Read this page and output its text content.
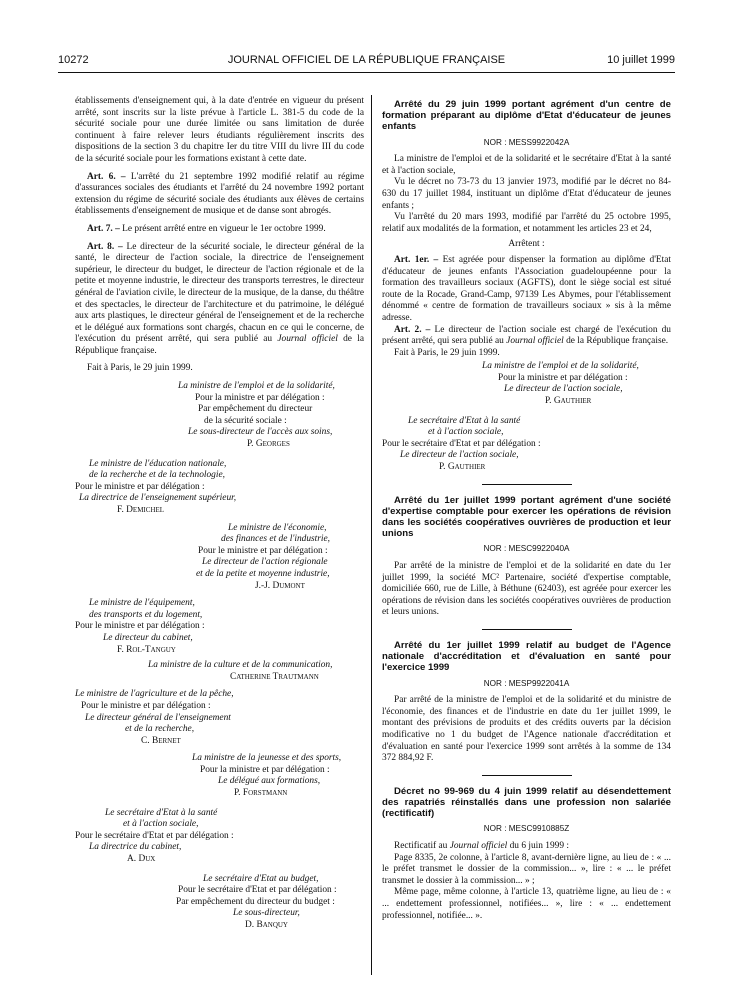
10272	JOURNAL OFFICIEL DE LA RÉPUBLIQUE FRANÇAISE	10 juillet 1999

établissements d'enseignement qui, à la date d'entrée en vigueur du présent arrêté, sont inscrits sur la liste prévue à l'article L. 381-5 du code de la sécurité sociale pour une durée limitée ou sans limitation de durée continuent à faire relever leurs étudiants régulièrement inscrits des dispositions de la section 3 du chapitre Ier du titre VIII du livre III du code de la sécurité sociale pour les formations existant à cette date.

Art. 6. – L'arrêté du 21 septembre 1992 modifié relatif au régime d'assurances sociales des étudiants et l'arrêté du 24 novembre 1992 portant extension du régime de sécurité sociale des étudiants aux élèves de certains établissements d'enseignement de musique et de danse sont abrogés.

Art. 7. – Le présent arrêté entre en vigueur le 1er octobre 1999.

Art. 8. – Le directeur de la sécurité sociale, le directeur général de la santé, le directeur de l'action sociale, la directrice de l'enseignement supérieur, le directeur du budget, le directeur de l'action régionale et de la petite et moyenne industrie, le directeur des transports terrestres, le directeur général de l'aviation civile, le directeur de la musique, de la danse, du théâtre et des spectacles, le directeur de l'architecture et du patrimoine, le délégué aux arts plastiques, le directeur général de l'enseignement et de la recherche et le délégué aux formations sont chargés, chacun en ce qui le concerne, de l'exécution du présent arrêté, qui sera publié au Journal officiel de la République française.

Fait à Paris, le 29 juin 1999.

La ministre de l'emploi et de la solidarité,
Pour la ministre et par délégation :
Par empêchement du directeur
de la sécurité sociale :
Le sous-directeur de l'accès aux soins,
P. Georges
Le ministre de l'éducation nationale,
de la recherche et de la technologie,
Pour le ministre et par délégation :
La directrice de l'enseignement supérieur,
F. Demichel
Le ministre de l'économie,
des finances et de l'industrie,
Pour le ministre et par délégation :
Le directeur de l'action régionale
et de la petite et moyenne industrie,
J.-J. Dumont
Le ministre de l'équipement,
des transports et du logement,
Pour le ministre et par délégation :
Le directeur du cabinet,
F. Rol-Tanguy
La ministre de la culture et de la communication,
Catherine Trautmann
Le ministre de l'agriculture et de la pêche,
Pour le ministre et par délégation :
Le directeur général de l'enseignement
et de la recherche,
C. Bernet
La ministre de la jeunesse et des sports,
Pour la ministre et par délégation :
Le délégué aux formations,
P. Forstmann
Le secrétaire d'Etat à la santé
et à l'action sociale,
Pour le secrétaire d'Etat et par délégation :
La directrice du cabinet,
A. Dux
Le secrétaire d'Etat au budget,
Pour le secrétaire d'Etat et par délégation :
Par empêchement du directeur du budget :
Le sous-directeur,
D. Banquy

Arrêté du 29 juin 1999 portant agrément d'un centre de formation préparant au diplôme d'Etat d'éducateur de jeunes enfants

NOR : MESS9922042A

La ministre de l'emploi et de la solidarité et le secrétaire d'Etat à la santé et à l'action sociale,

Vu le décret no 73-73 du 13 janvier 1973, modifié par le décret no 84-630 du 17 juillet 1984, instituant un diplôme d'Etat d'éducateur de jeunes enfants ;

Vu l'arrêté du 20 mars 1993, modifié par l'arrêté du 25 octobre 1995, relatif aux modalités de la formation, et notamment les articles 23 et 24,

Arrêtent :

Art. 1er. – Est agréée pour dispenser la formation au diplôme d'Etat d'éducateur de jeunes enfants l'Association guadeloupéenne pour la formation des travailleurs sociaux (AGFTS), dont le siège social est situé route de la Rocade, Grand-Camp, 97139 Les Abymes, pour l'établissement dénommé « centre de formation de travailleurs sociaux » sis à la même adresse.

Art. 2. – Le directeur de l'action sociale est chargé de l'exécution du présent arrêté, qui sera publié au Journal officiel de la République française.

Fait à Paris, le 29 juin 1999.

La ministre de l'emploi et de la solidarité,
Pour la ministre et par délégation :
Le directeur de l'action sociale,
P. Gauthier
Le secrétaire d'Etat à la santé
et à l'action sociale,
Pour le secrétaire d'Etat et par délégation :
Le directeur de l'action sociale,
P. Gauthier

Arrêté du 1er juillet 1999 portant agrément d'une société d'expertise comptable pour exercer les opérations de révision dans les sociétés coopératives ouvrières de production et leur unions

NOR : MESC9922040A

Par arrêté de la ministre de l'emploi et de la solidarité en date du 1er juillet 1999, la société MC² Partenaire, société d'expertise comptable, domiciliée 660, rue de Lille, à Béthune (62403), est agréée pour exercer les opérations de révision dans les sociétés coopératives ouvrières de production et leurs unions.

Arrêté du 1er juillet 1999 relatif au budget de l'Agence nationale d'accréditation et d'évaluation en santé pour l'exercice 1999

NOR : MESP9922041A

Par arrêté de la ministre de l'emploi et de la solidarité et du ministre de l'économie, des finances et de l'industrie en date du 1er juillet 1999, le montant des prévisions de produits et des crédits ouverts par la décision modificative no 1 du budget de l'Agence nationale d'accréditation et d'évaluation en santé pour l'exercice 1999 sont arrêtés à la somme de 134 372 884,92 F.

Décret no 99-969 du 4 juin 1999 relatif au désendettement des rapatriés réinstallés dans une profession non salariée (rectificatif)

NOR : MESC9910885Z

Rectificatif au Journal officiel du 6 juin 1999 :

Page 8335, 2e colonne, à l'article 8, avant-dernière ligne, au lieu de : « ... le préfet transmet le dossier de la commission... », lire : « ... le préfet transmet le dossier à la commission... » ;

Même page, même colonne, à l'article 13, quatrième ligne, au lieu de : « ... endettement professionnel, notifiées... », lire : « ... endettement professionnel, notifiée... ».
